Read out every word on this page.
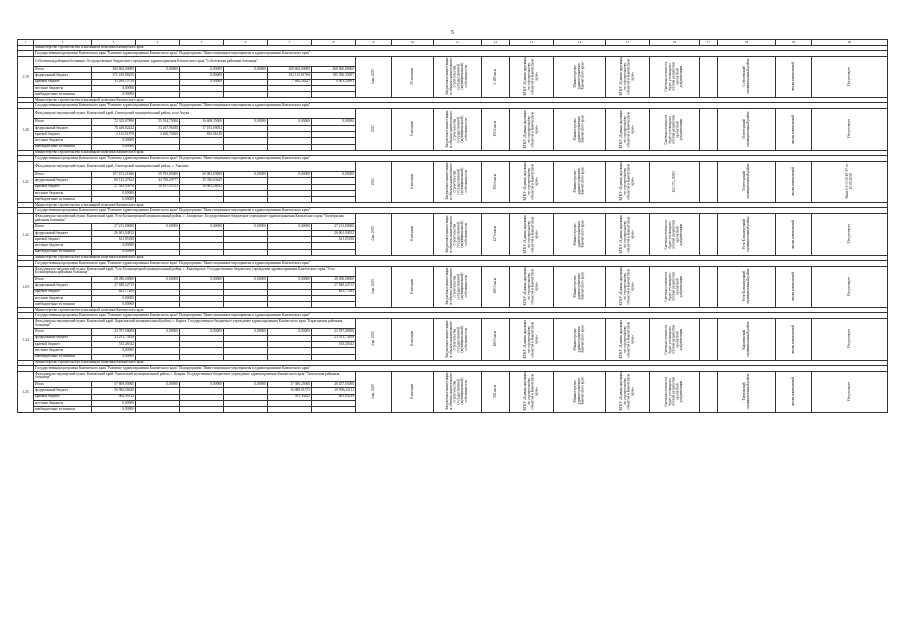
5
1	2	3	4	5	6	7	8	9	10	11	12	13	14	15	16	17	18	19	20
	Министерство строительства и жилищной политики Камчатского края																		
	Государственная программа Камчатского края "Развитие здравоохранения Камчатского края" Подпрограмма "Инвестиционные мероприятия в здравоохранении Камчатского края"																		
1.19	Соболевская районная больница. Государственное бюджетное учреждение здравоохранения Камчатского края "Соболевская районная больница"							4 кв. 2025	15 месяцев	Бюджетные инвестиции в объекты капитального строительства государственной (муниципальной) собственности	2 180 кв.м	КГКУ «Единая дирекция по строительству объектов в Камчатском крае»	Министерство здравоохранения Камчатского края	КГКУ «Единая дирекция по строительству объектов в Камчатском крае»	Сметная стоимость будет уточнена по итогам разработки проектной документации		Соболевский муниципальный район	вновь начинаемый	Отсутствует
	Итого	384 600,00000	0,00000	0,00000	0,00000	200 600,00000	268 000,00000												
	федеральный бюджет	371 410,88250		0,00000		192 115,61760	185 396,35007												
	краевой бюджет	13 289,15750		0,00000		7 884,38327	4 903,24993												
	местные бюджеты	0,00000																	
	внебюджетные источники	0,00000																	
	Министерство строительства и жилищной политики Камчатского края																		
	Государственная программа Камчатского края "Развитие здравоохранения Камчатского края" Подпрограмма "Инвестиционные мероприятия в здравоохранении Камчатского края"																		
1.20	Фельдшерско-акушерский пункт. Камчатский край, Олюторский муниципальный район, село Апука							2023	6 месяцев	Бюджетные инвестиции в объекты капитального строительства государственной (муниципальной) собственности	192,6 кв.м	КГКУ «Единая дирекция по строительству объектов в Камчатском крае»	Министерство здравоохранения Камчатского края	КГКУ «Единая дирекция по строительству объектов в Камчатском крае»	Сметная стоимость будет уточнена по итогам разработки проектной документации		Олюторский муниципальный район	вновь начинаемый	Отсутствует
	Итого	72 325,07890	55 534,75000	16 608,35000	0,00000	0,00000	0,00000												
	федеральный бюджет	70 449,82422	53 267,96180	17 181,69054															
	краевой бюджет	2 125,61978	2 266,75820	826,06146															
	местные бюджеты	0,00000																	
	внебюджетные источники	0,00000																	
	Министерство строительства и жилищной политики Камчатского края																		
	Государственная программа Камчатского края "Развитие здравоохранения Камчатского края" Подпрограмма "Инвестиционные мероприятия в здравоохранении Камчатского края"																		
1.21	Фельдшерско-акушерский пункт. Камчатский край, Олюторский муниципальный район, с. Хаилино							2023	6 месяцев	Бюджетные инвестиции в объекты капитального строительства государственной (муниципальной) собственности	192,6 кв.м	КГКУ «Единая дирекция по строительству объектов в Камчатском крае»	Министерство здравоохранения Камчатского края	КГКУ «Единая дирекция по строительству объектов в Камчатском крае»	102 373,35000		Олюторский муниципальный район	вновь начинаемый	Ннш-1-1-3-30.10-17 от 25.05.2018
	Итого	107 671,21600	59 783,85000	50 983,83900	0,00000	0,00000	0,00000												
	федеральный бюджет	80 125,27422	44 768,29777	35 356,63645															
	краевой бюджет	27 545,93978	10 017,55723	16 981,20635															
	местные бюджеты	0,00000																	
	внебюджетные источники	0,00000																	
	Министерство строительства и жилищной политики Камчатского края																		
	Государственная программа Камчатского края "Развитие здравоохранения Камчатского края" Подпрограмма "Инвестиционные мероприятия в здравоохранении Камчатского края"																		
1.22	Фельдшерско-акушерский пункт. Камчатский край, Усть-Большерецкий муниципальный район, с. Запорожье. Государственное бюджетное учреждение здравоохранения Камчатского края "Октябрьская районная больница"							4 кв. 2025	8 месяцев	Бюджетные инвестиции в объекты капитального строительства государственной (муниципальной) собственности	127,6 кв.м	КГКУ «Единая дирекция по строительству объектов в Камчатском крае»	Министерство здравоохранения Камчатского края	КГКУ «Единая дирекция по строительству объектов в Камчатском крае»	Сметная стоимость будет уточнена по итогам разработки проектной документации		Усть-Большерецкий муниципальный район	вновь начинаемый	Отсутствует
	Итого	27 213,00000	0,00000	0,00000	0,00000	0,00000	27 213,00000												
	федеральный бюджет	26 601,94812					26 601,94812												
	краевой бюджет	611,05188					611,05188												
	местные бюджеты	0,00000																	
	внебюджетные источники	0,00000																	
	Министерство строительства и жилищной политики Камчатского края																		
	Государственная программа Камчатского края "Развитие здравоохранения Камчатского края" Подпрограмма "Инвестиционные мероприятия в здравоохранении Камчатского края"																		
1.23	Фельдшерско-акушерский пункт. Камчатский край, Усть-Большерецкий муниципальный район, с. Кавалерское. Государственное бюджетное учреждение здравоохранения Камчатского края "Усть-Большерецкая районная больница"							4 кв. 2025	8 месяцев	Бюджетные инвестиции в объекты капитального строительства государственной (муниципальной) собственности	180,5 кв.м	КГКУ «Единая дирекция по строительству объектов в Камчатском крае»	Министерство здравоохранения Камчатского края	КГКУ «Единая дирекция по строительству объектов в Камчатском крае»	Сметная стоимость будет уточнена по итогам разработки проектной документации		Усть-Большерецкий муниципальный район	вновь начинаемый	Отсутствует
	Итого	28 490,00000	0,00000	0,00000	0,00000	0,00000	28 490,00000												
	федеральный бюджет	27 848,22715					27 848,22715												
	краевой бюджет	641,77285					641,77285												
	местные бюджеты	0,00000																	
	внебюджетные источники	0,00000																	
	Министерство строительства и жилищной политики Камчатского края																		
	Государственная программа Камчатского края "Развитие здравоохранения Камчатского края" Подпрограмма "Инвестиционные мероприятия в здравоохранении Камчатского края"																		
1.24	Фельдшерско-акушерский пункт. Камчатский край, Карагинский муниципальный район, с. Карага. Государственное бюджетное учреждение здравоохранения Камчатского края "Карагинская районная больница"							4 кв. 2025	8 месяцев	Бюджетные инвестиции в объекты капитального строительства государственной (муниципальной) собственности	180,5 кв.м	КГКУ «Единая дирекция по строительству объектов в Камчатском крае»	Министерство здравоохранения Камчатского края	КГКУ «Единая дирекция по строительству объектов в Камчатском крае»	Сметная стоимость будет уточнена по итогам разработки проектной документации		Карагинский муниципальный район	вновь начинаемый	Отсутствует
	Итого	23 787,00000	0,00000	0,00000	0,00000	0,00000	23 787,00000												
	федеральный бюджет	23 251,73458					23 251,73458												
	краевой бюджет	535,26542					535,26542												
	местные бюджеты	0,00000																	
	внебюджетные источники	0,00000																	
	Министерство строительства и жилищной политики Камчатского края																		
	Государственная программа Камчатского края "Развитие здравоохранения Камчатского края" Подпрограмма "Инвестиционные мероприятия в здравоохранении Камчатского края"																		
1.25	Фельдшерско-акушерский пункт. Камчатский край, Тигильский муниципальный район, с. Ковран. Государственное бюджетное учреждение здравоохранения Камчатского края "Тигильская районная больница"							4 кв. 2025	8 месяцев	Бюджетные инвестиции в объекты капитального строительства государственной (муниципальной) собственности	192 кв.м	КГКУ «Единая дирекция по строительству объектов в Камчатском крае»	Министерство здравоохранения Камчатского края	КГКУ «Единая дирекция по строительству объектов в Камчатском крае»	Сметная стоимость будет уточнена по итогам разработки проектной документации		Тигильский муниципальный район	вновь начинаемый	Отсутствует
	Итого	57 869,00000	0,00000	0,00000	0,00000	17 380,25000	20 457,65000												
	федеральный бюджет	56 906,56640				16 988,91375	19 996,25111												
	краевой бюджет	962,50132				391,33625	461,03239												
	местные бюджеты	0,00000																	
	внебюджетные источники	0,00000																	
